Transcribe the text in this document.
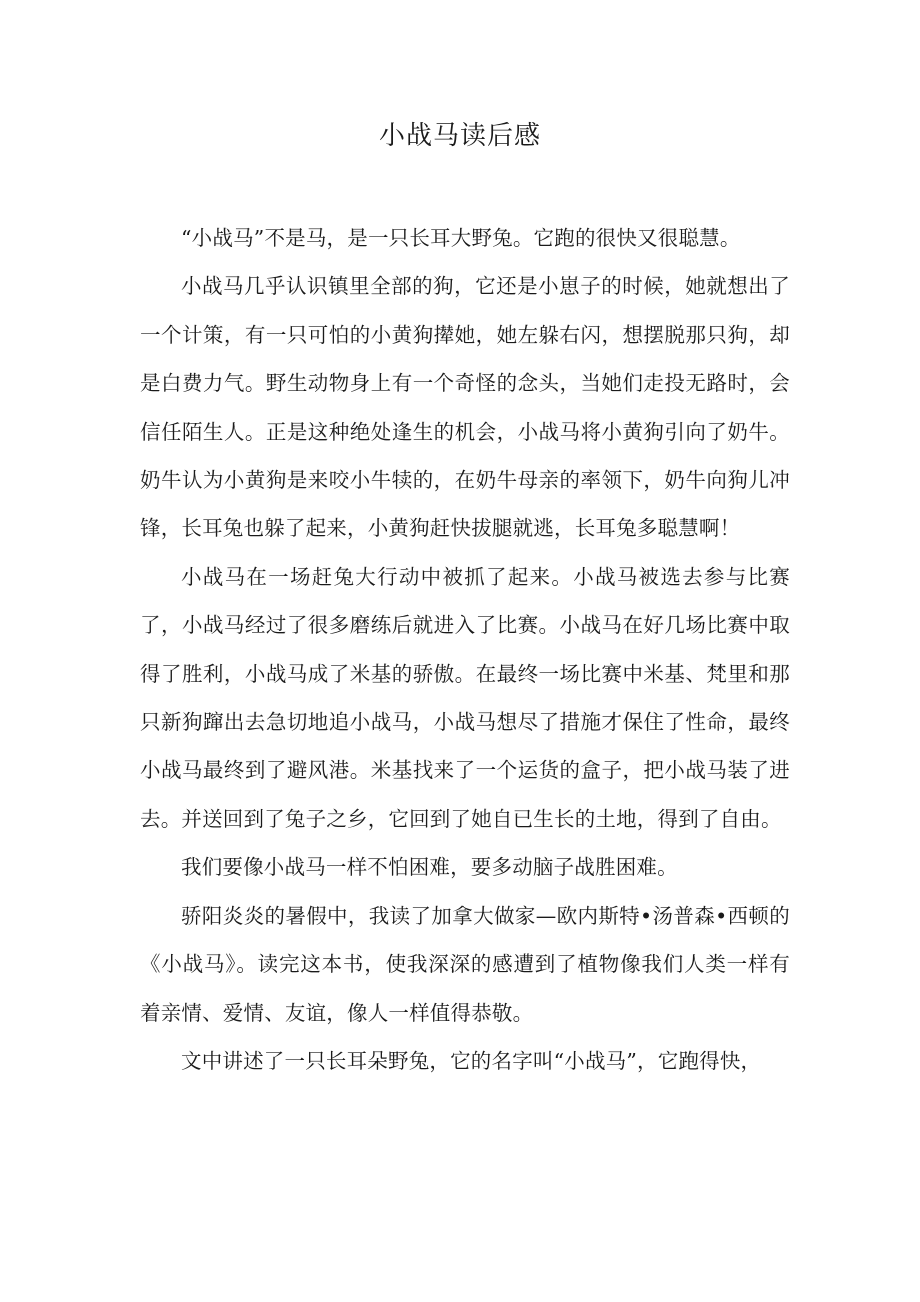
小战马读后感

“小战马”不是马，是一只长耳大野兔。它跑的很快又很聪慧。

小战马几乎认识镇里全部的狗，它还是小崽子的时候，她就想出了一个计策，有一只可怕的小黄狗撵她，她左躲右闪，想摆脱那只狗，却是白费力气。野生动物身上有一个奇怪的念头，当她们走投无路时，会信任陌生人。正是这种绝处逢生的机会，小战马将小黄狗引向了奶牛。奶牛认为小黄狗是来咬小牛犊的，在奶牛母亲的率领下，奶牛向狗儿冲锋，长耳兔也躲了起来，小黄狗赶快拔腿就逃，长耳兔多聪慧啊！

小战马在一场赶兔大行动中被抓了起来。小战马被选去参与比赛了，小战马经过了很多磨练后就进入了比赛。小战马在好几场比赛中取得了胜利，小战马成了米基的骄傲。在最终一场比赛中米基、梵里和那只新狗蹿出去急切地追小战马，小战马想尽了措施才保住了性命，最终小战马最终到了避风港。米基找来了一个运货的盒子，把小战马装了进去。并送回到了兔子之乡，它回到了她自已生长的土地，得到了自由。

我们要像小战马一样不怕困难，要多动脑子战胜困难。

骄阳炎炎的暑假中，我读了加拿大做家—欧内斯特•汤普森•西顿的《小战马》。读完这本书，使我深深的感遭到了植物像我们人类一样有着亲情、爱情、友谊，像人一样值得恭敬。

文中讲述了一只长耳朵野兔，它的名字叫“小战马”，它跑得快，
